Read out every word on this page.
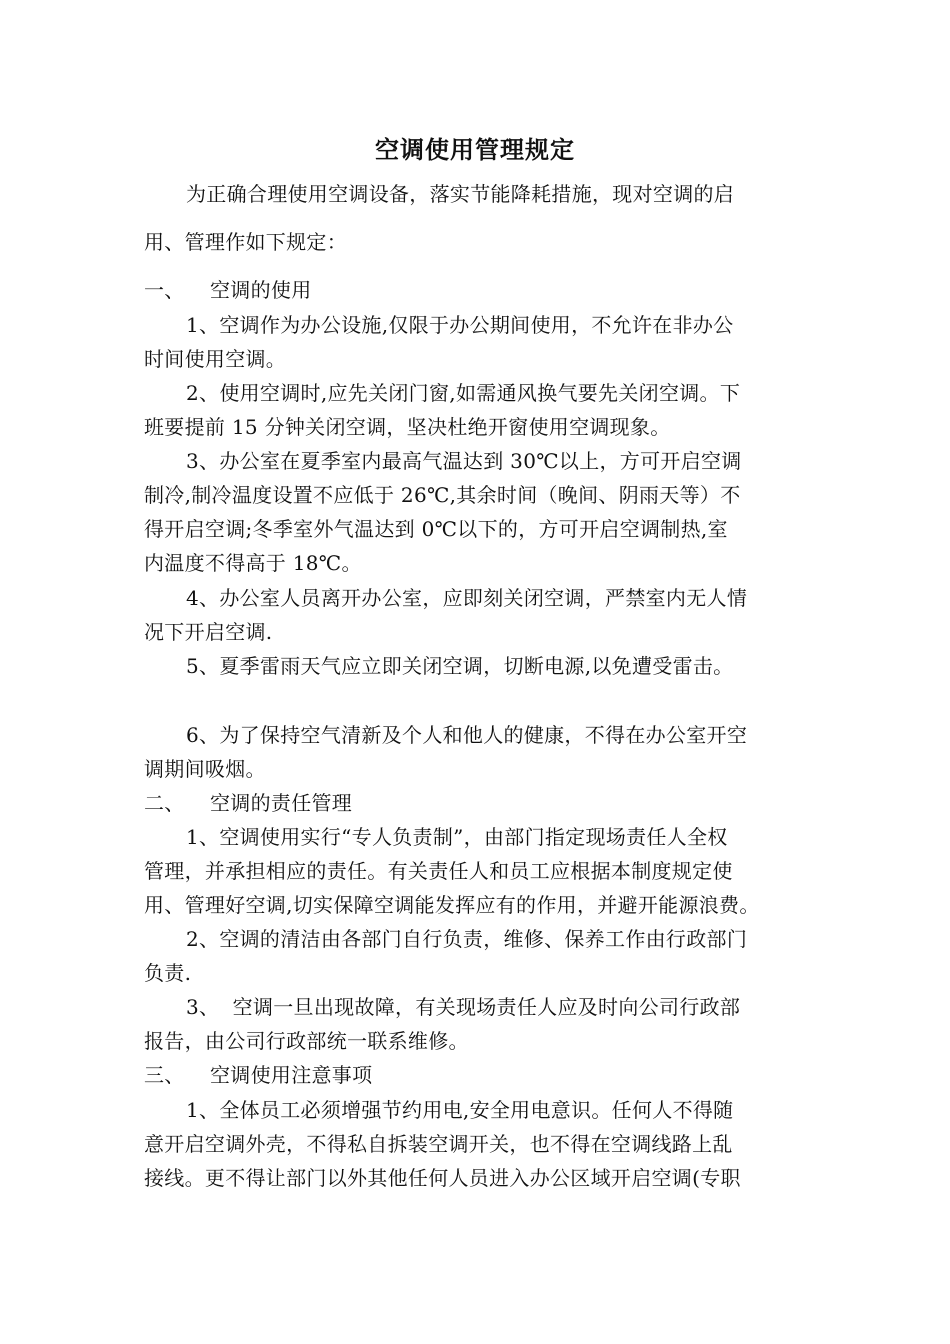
空调使用管理规定
为正确合理使用空调设备，落实节能降耗措施，现对空调的启
用、管理作如下规定：
一、 空调的使用
1、空调作为办公设施,仅限于办公期间使用，不允许在非办公
时间使用空调。
2、使用空调时,应先关闭门窗,如需通风换气要先关闭空调。下
班要提前 15 分钟关闭空调，坚决杜绝开窗使用空调现象。
3、办公室在夏季室内最高气温达到 30℃以上，方可开启空调
制冷,制冷温度设置不应低于 26℃,其余时间（晚间、阴雨天等）不
得开启空调;冬季室外气温达到 0℃以下的，方可开启空调制热,室
内温度不得高于 18℃。
4、办公室人员离开办公室，应即刻关闭空调，严禁室内无人情
况下开启空调.
5、夏季雷雨天气应立即关闭空调，切断电源,以免遭受雷击。
6、为了保持空气清新及个人和他人的健康，不得在办公室开空
调期间吸烟。
二、 空调的责任管理
1、空调使用实行“专人负责制”，由部门指定现场责任人全权
管理，并承担相应的责任。有关责任人和员工应根据本制度规定使
用、管理好空调,切实保障空调能发挥应有的作用，并避开能源浪费。
2、空调的清洁由各部门自行负责，维修、保养工作由行政部门
负责.
3、  空调一旦出现故障，有关现场责任人应及时向公司行政部
报告，由公司行政部统一联系维修。
三、 空调使用注意事项
1、全体员工必须增强节约用电,安全用电意识。任何人不得随
意开启空调外壳，不得私自拆装空调开关，也不得在空调线路上乱
接线。更不得让部门以外其他任何人员进入办公区域开启空调(专职
